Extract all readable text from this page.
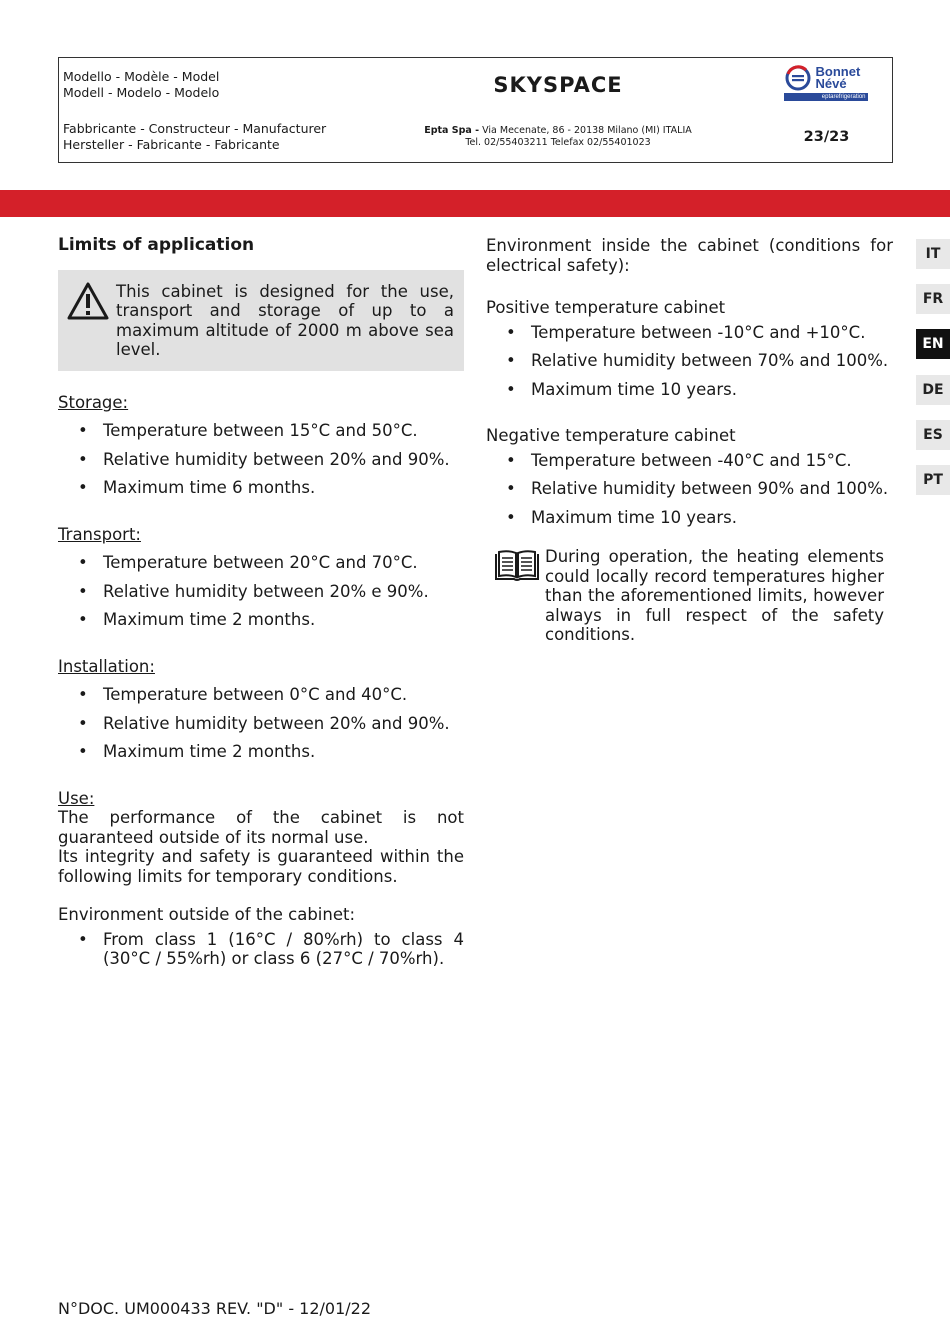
Modello - Modèle - Model
Modell - Modelo - Modelo	SKYSPACE
Bonnet
Névé
eptarefrigeration
Fabbricante - Constructeur - Manufacturer
Hersteller - Fabricante - Fabricante
Epta Spa - Via Mecenate, 86 - 20138 Milano (MI) ITALIA
Tel. 02/55403211 Telefax 02/55401023	23/23
IT
FR
EN
DE
ES
PT
Limits of application
This cabinet is designed for the use, transport and storage of up to a maximum altitude of 2000 m above sea level.
Storage:
• Temperature between 15°C and 50°C.
• Relative humidity between 20% and 90%.
• Maximum time 6 months.
Transport:
• Temperature between 20°C and 70°C.
• Relative humidity between 20% e 90%.
• Maximum time 2 months.
Installation:
• Temperature between 0°C and 40°C.
• Relative humidity between 20% and 90%.
• Maximum time 2 months.
Use:
The performance of the cabinet is not guaranteed outside of its normal use.
Its integrity and safety is guaranteed within the following limits for temporary conditions.
Environment outside of the cabinet:
• From class 1 (16°C / 80%rh) to class 4 (30°C / 55%rh) or class 6 (27°C / 70%rh).
Environment inside the cabinet (conditions for electrical safety):
Positive temperature cabinet
• Temperature between -10°C and +10°C.
• Relative humidity between 70% and 100%.
• Maximum time 10 years.
Negative temperature cabinet
• Temperature between -40°C and 15°C.
• Relative humidity between 90% and 100%.
• Maximum time 10 years.
During operation, the heating elements could locally record temperatures higher than the aforementioned limits, however always in full respect of the safety conditions.
N°DOC. UM000433 REV. "D" - 12/01/22
